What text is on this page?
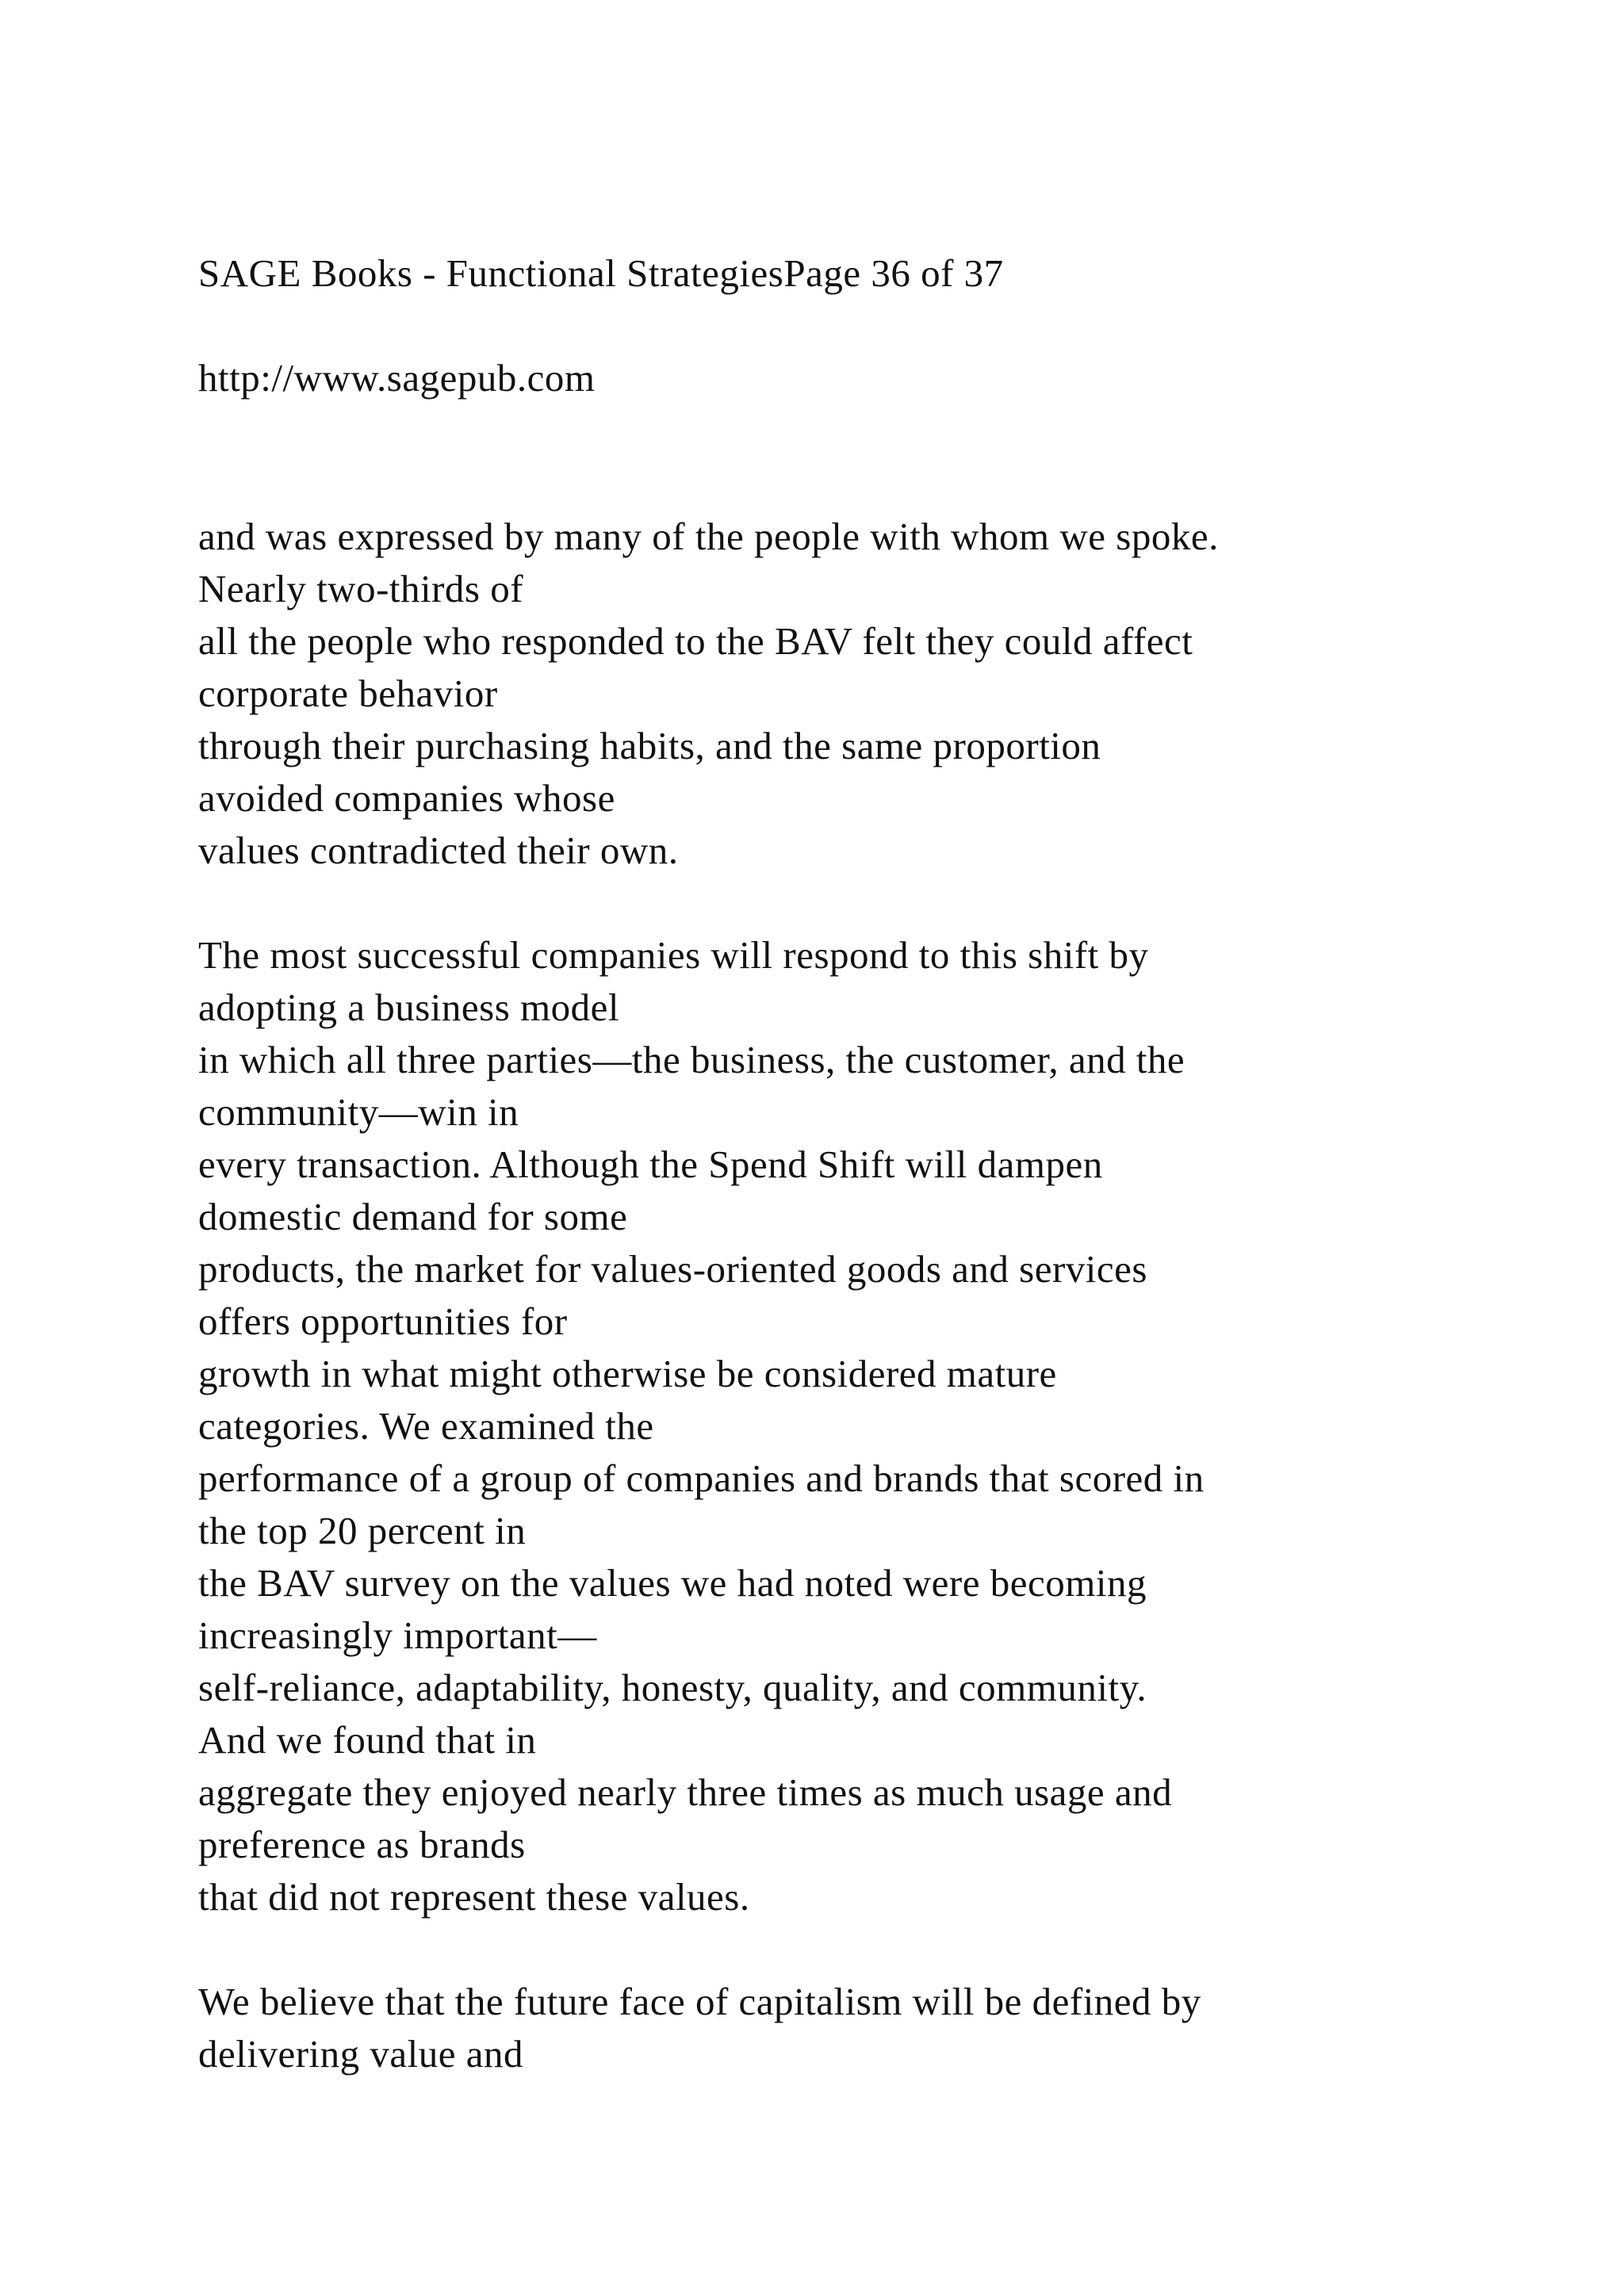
SAGE Books - Functional StrategiesPage 36 of 37

http://www.sagepub.com

and was expressed by many of the people with whom we spoke.

Nearly two-thirds of

all the people who responded to the BAV felt they could affect

corporate behavior

through their purchasing habits, and the same proportion

avoided companies whose

values contradicted their own.

The most successful companies will respond to this shift by

adopting a business model

in which all three parties—the business, the customer, and the

community—win in

every transaction. Although the Spend Shift will dampen

domestic demand for some

products, the market for values-oriented goods and services

offers opportunities for

growth in what might otherwise be considered mature

categories. We examined the

performance of a group of companies and brands that scored in

the top 20 percent in

the BAV survey on the values we had noted were becoming

increasingly important—

self-reliance, adaptability, honesty, quality, and community.

And we found that in

aggregate they enjoyed nearly three times as much usage and

preference as brands

that did not represent these values.

We believe that the future face of capitalism will be defined by

delivering value and
